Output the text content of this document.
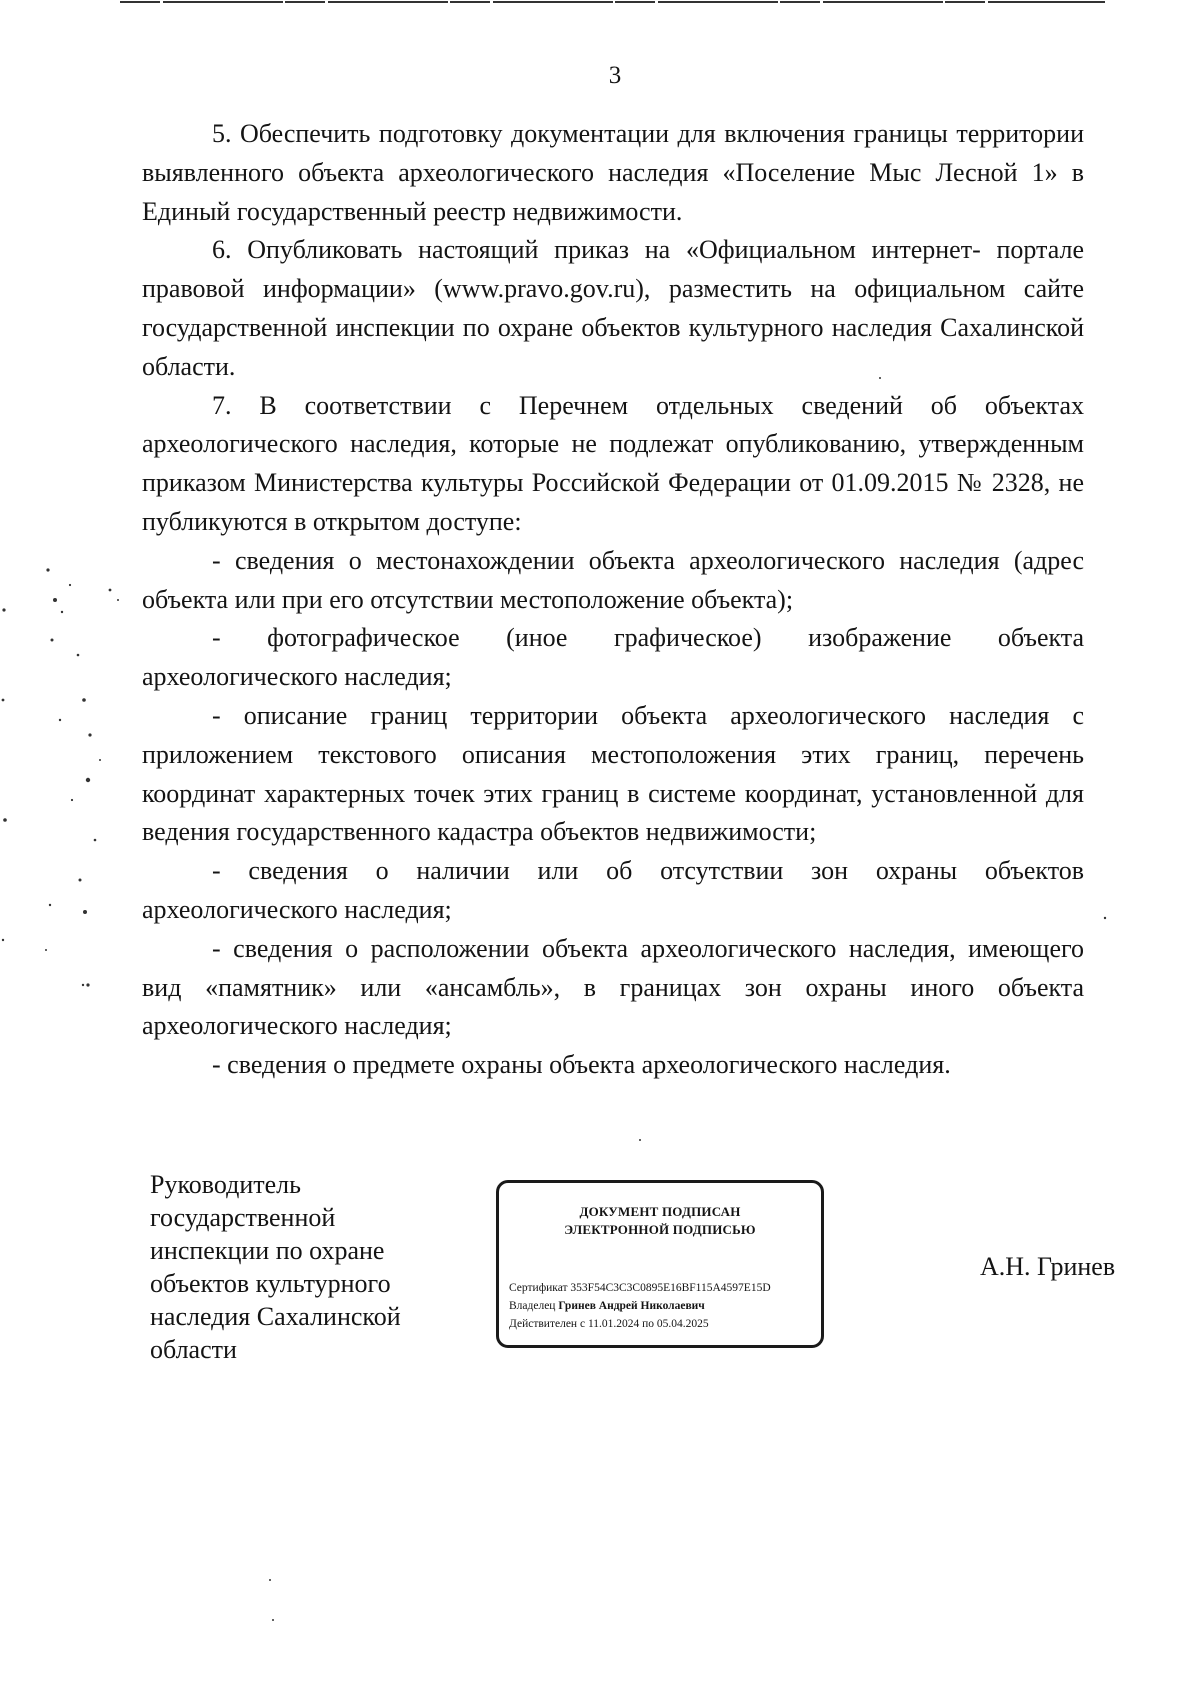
3

5. Обеспечить подготовку документации для включения границы территории выявленного объекта археологического наследия «Поселение Мыс Лесной 1» в Единый государственный реестр недвижимости.

6. Опубликовать настоящий приказ на «Официальном интернет- портале правовой информации» (www.pravo.gov.ru), разместить на официальном сайте государственной инспекции по охране объектов культурного наследия Сахалинской области.

7. В соответствии с Перечнем отдельных сведений об объектах археологического наследия, которые не подлежат опубликованию, утвержденным приказом Министерства культуры Российской Федерации от 01.09.2015 № 2328, не публикуются в открытом доступе:

- сведения о местонахождении объекта археологического наследия (адрес объекта или при его отсутствии местоположение объекта);

- фотографическое (иное графическое) изображение объекта археологического наследия;

- описание границ территории объекта археологического наследия с приложением текстового описания местоположения этих границ, перечень координат характерных точек этих границ в системе координат, установленной для ведения государственного кадастра объектов недвижимости;

- сведения о наличии или об отсутствии зон охраны объектов археологического наследия;

- сведения о расположении объекта археологического наследия, имеющего вид «памятник» или «ансамбль», в границах зон охраны иного объекта археологического наследия;

- сведения о предмете охраны объекта археологического наследия.

Руководитель
государственной
инспекции по охране
объектов культурного
наследия Сахалинской
области
ДОКУМЕНТ ПОДПИСАН
ЭЛЕКТРОННОЙ ПОДПИСЬЮ
Сертификат 353F54C3C3C0895E16BF115A4597E15D
Владелец Гринев Андрей Николаевич
Действителен с 11.01.2024 по 05.04.2025
А.Н. Гринев
